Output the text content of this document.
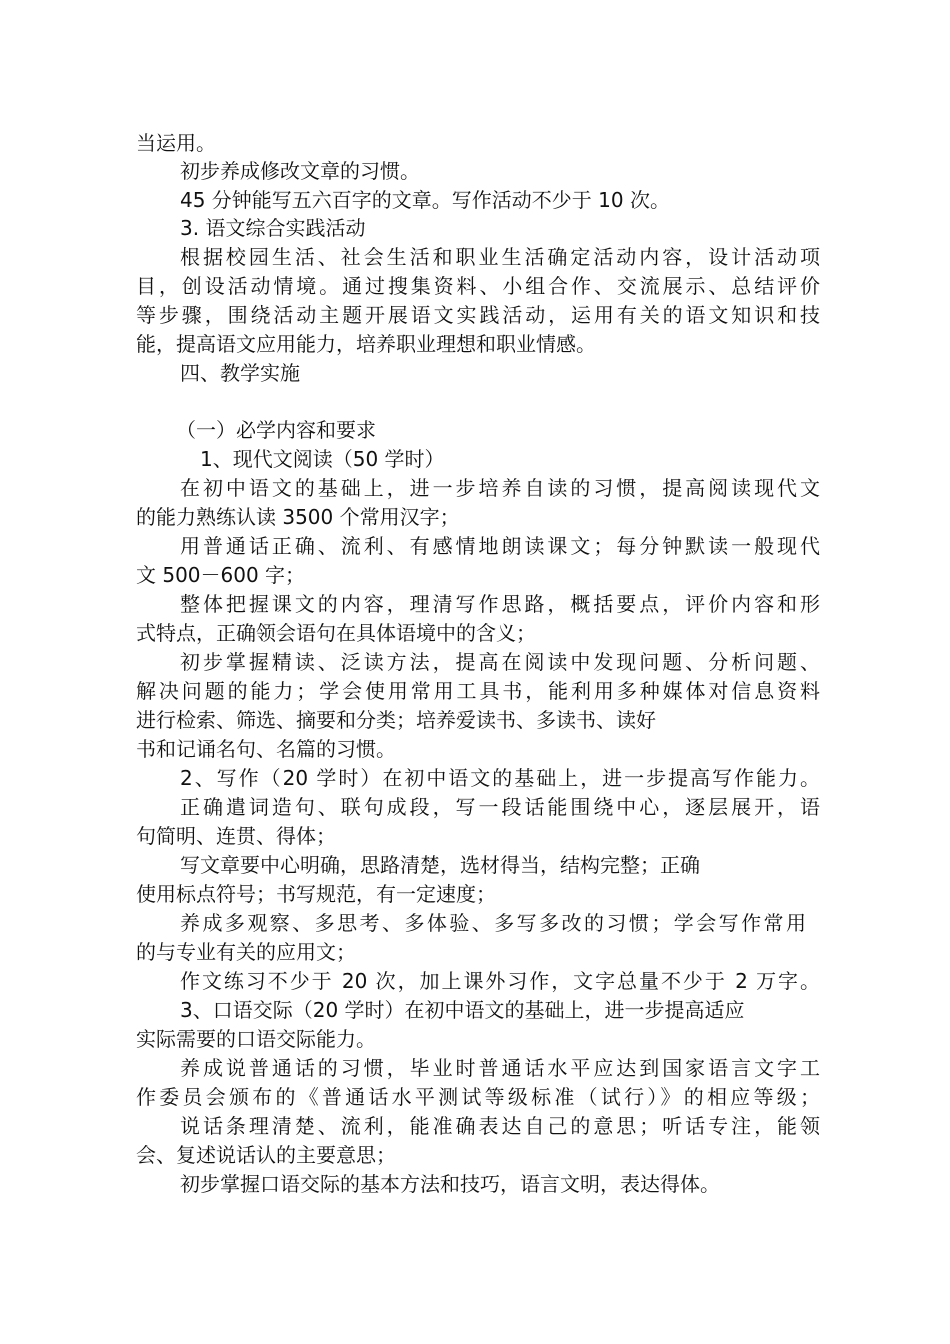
当运用。
初步养成修改文章的习惯。
45 分钟能写五六百字的文章。写作活动不少于 10 次。
3. 语文综合实践活动
根据校园生活、社会生活和职业生活确定活动内容，设计活动项
目，创设活动情境。通过搜集资料、小组合作、交流展示、总结评价
等步骤，围绕活动主题开展语文实践活动，运用有关的语文知识和技
能，提高语文应用能力，培养职业理想和职业情感。
四、教学实施
（一）必学内容和要求
1、现代文阅读（50 学时）
在初中语文的基础上，进一步培养自读的习惯，提高阅读现代文
的能力熟练认读 3500 个常用汉字；
用普通话正确、流利、有感情地朗读课文；每分钟默读一般现代
文 500－600 字；
整体把握课文的内容，理清写作思路，概括要点，评价内容和形
式特点，正确领会语句在具体语境中的含义；
初步掌握精读、泛读方法，提高在阅读中发现问题、分析问题、
解决问题的能力；学会使用常用工具书，能利用多种媒体对信息资料
进行检索、筛选、摘要和分类；培养爱读书、多读书、读好
书和记诵名句、名篇的习惯。
2、写作（20 学时）在初中语文的基础上，进一步提高写作能力。
正确遣词造句、联句成段，写一段话能围绕中心，逐层展开，语
句简明、连贯、得体；
写文章要中心明确，思路清楚，选材得当，结构完整；正确
使用标点符号；书写规范，有一定速度；
养成多观察、多思考、多体验、多写多改的习惯；学会写作常用
的与专业有关的应用文；
作文练习不少于 20 次，加上课外习作，文字总量不少于 2 万字。
3、口语交际（20 学时）在初中语文的基础上，进一步提高适应
实际需要的口语交际能力。
养成说普通话的习惯，毕业时普通话水平应达到国家语言文字工
作委员会颁布的《普通话水平测试等级标准（试行）》的相应等级；
说话条理清楚、流利，能准确表达自己的意思；听话专注，能领
会、复述说话认的主要意思；
初步掌握口语交际的基本方法和技巧，语言文明，表达得体。
